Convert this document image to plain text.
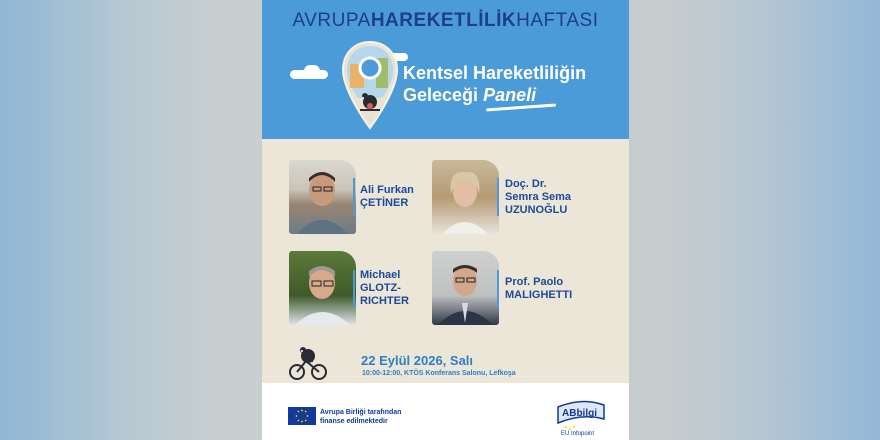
AVRUPAHAREKETLİLİKHAFTASI
Kentsel Hareketliliğin
Geleceği Paneli
Ali Furkan
ÇETİNER
Doç. Dr.
Semra Sema
UZUNOĞLU
Michael
GLOTZ-
RICHTER
Prof. Paolo
MALIGHETTI
22 Eylül 2026, Salı
10:00-12:00, KTÖS Konferans Salonu, Lefkoşa
Avrupa Birliği tarafından
finanse edilmektedir
ABbilgi
EU Infopoint
